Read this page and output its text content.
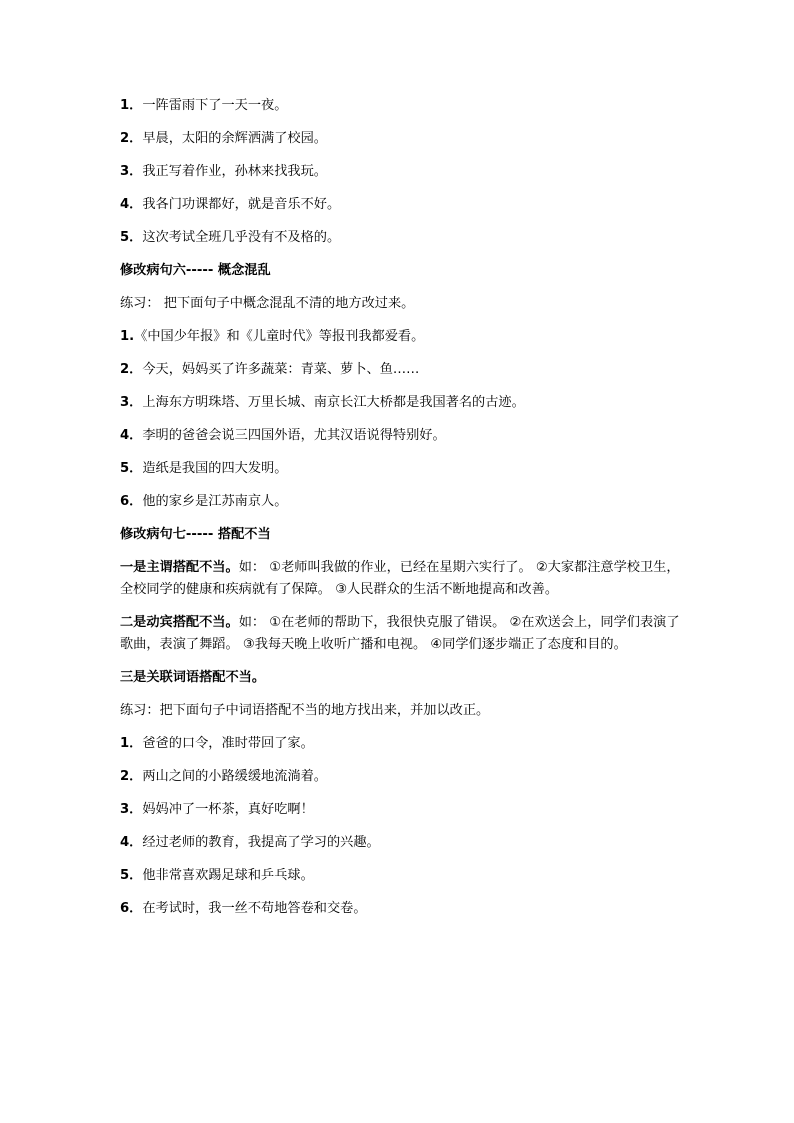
1．一阵雷雨下了一天一夜。
2．早晨，太阳的余辉洒满了校园。
3．我正写着作业，孙林来找我玩。
4．我各门功课都好，就是音乐不好。
5．这次考试全班几乎没有不及格的。
修改病句六----- 概念混乱
练习： 把下面句子中概念混乱不清的地方改过来。
1.《中国少年报》和《儿童时代》等报刊我都爱看。
2．今天，妈妈买了许多蔬菜：青菜、萝卜、鱼……
3．上海东方明珠塔、万里长城、南京长江大桥都是我国著名的古迹。
4．李明的爸爸会说三四国外语，尤其汉语说得特别好。
5．造纸是我国的四大发明。
6．他的家乡是江苏南京人。
修改病句七----- 搭配不当
一是主谓搭配不当。如： ①老师叫我做的作业，已经在星期六实行了。 ②大家都注意学校卫生，全校同学的健康和疾病就有了保障。 ③人民群众的生活不断地提高和改善。
二是动宾搭配不当。如： ①在老师的帮助下，我很快克服了错误。 ②在欢送会上，同学们表演了歌曲，表演了舞蹈。 ③我每天晚上收听广播和电视。 ④同学们逐步端正了态度和目的。
三是关联词语搭配不当。
练习：把下面句子中词语搭配不当的地方找出来，并加以改正。
1．爸爸的口令，准时带回了家。
2．两山之间的小路缓缓地流淌着。
3．妈妈冲了一杯茶，真好吃啊！
4．经过老师的教育，我提高了学习的兴趣。
5．他非常喜欢踢足球和乒乓球。
6．在考试时，我一丝不苟地答卷和交卷。
